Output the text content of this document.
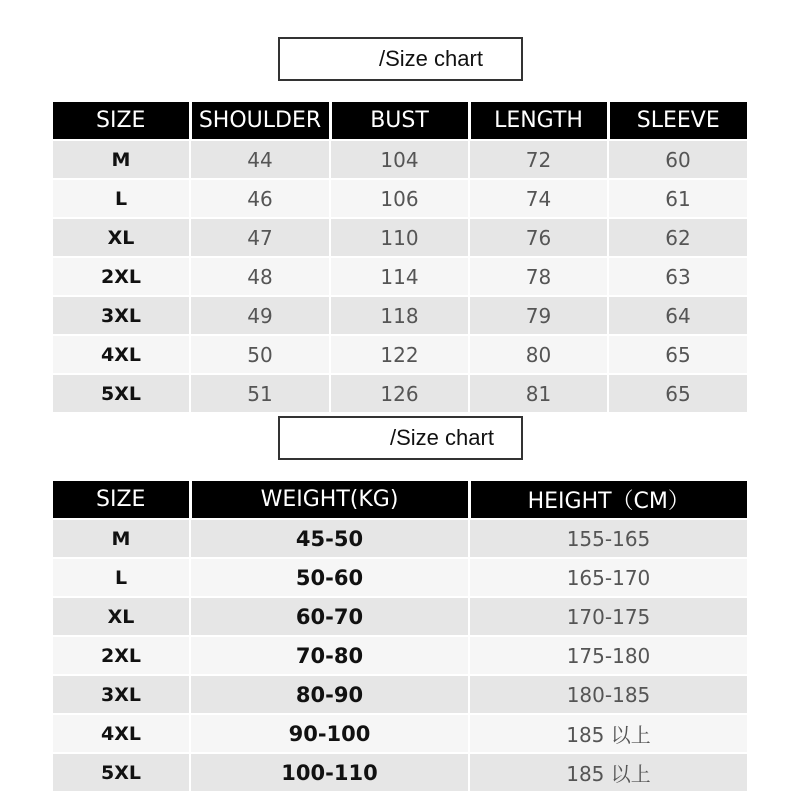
/Size chart
SIZE	SHOULDER	BUST	LENGTH	SLEEVE
M	44	104	72	60
L	46	106	74	61
XL	47	110	76	62
2XL	48	114	78	63
3XL	49	118	79	64
4XL	50	122	80	65
5XL	51	126	81	65
/Size chart
SIZE	WEIGHT(KG)	HEIGHT（CM）
M	45-50	155-165
L	50-60	165-170
XL	60-70	170-175
2XL	70-80	175-180
3XL	80-90	180-185
4XL	90-100	185 以上
5XL	100-110	185 以上
